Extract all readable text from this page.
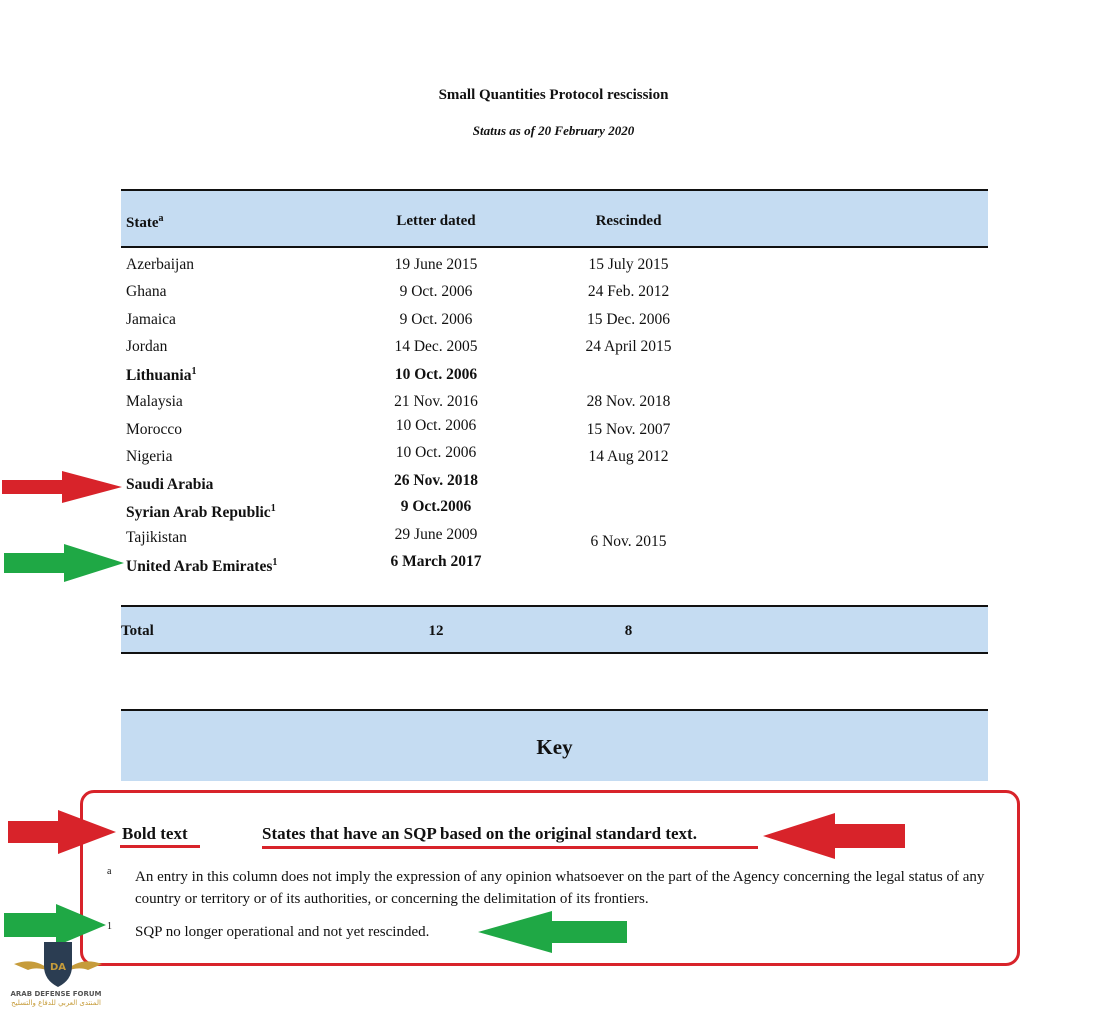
Small Quantities Protocol rescission
Status as of 20 February 2020
State$^a$	Letter dated	Rescinded
Azerbaijan	19 June 2015	15 July 2015
Ghana	9 Oct. 2006	24 Feb. 2012
Jamaica	9 Oct. 2006	15 Dec. 2006
Jordan	14 Dec. 2005	24 April 2015
Lithuania$^1$	10 Oct. 2006
Malaysia	21 Nov. 2016	28 Nov. 2018
Morocco	10 Oct. 2006	15 Nov. 2007
Nigeria	10 Oct. 2006	14 Aug 2012
Saudi Arabia	26 Nov. 2018
Syrian Arab Republic$^1$	9 Oct.2006
Tajikistan	29 June 2009	6 Nov. 2015
United Arab Emirates$^1$	6 March 2017
Total	12	8
Key
Bold text	States that have an SQP based on the original standard text.
a An entry in this column does not imply the expression of any opinion whatsoever on the part of the Agency concerning the legal status of any country or territory or of its authorities, or concerning the delimitation of its frontiers.
1 SQP no longer operational and not yet rescinded.
DA
ARAB DEFENSE FORUM
المنتدى العربي للدفاع والتسليح
